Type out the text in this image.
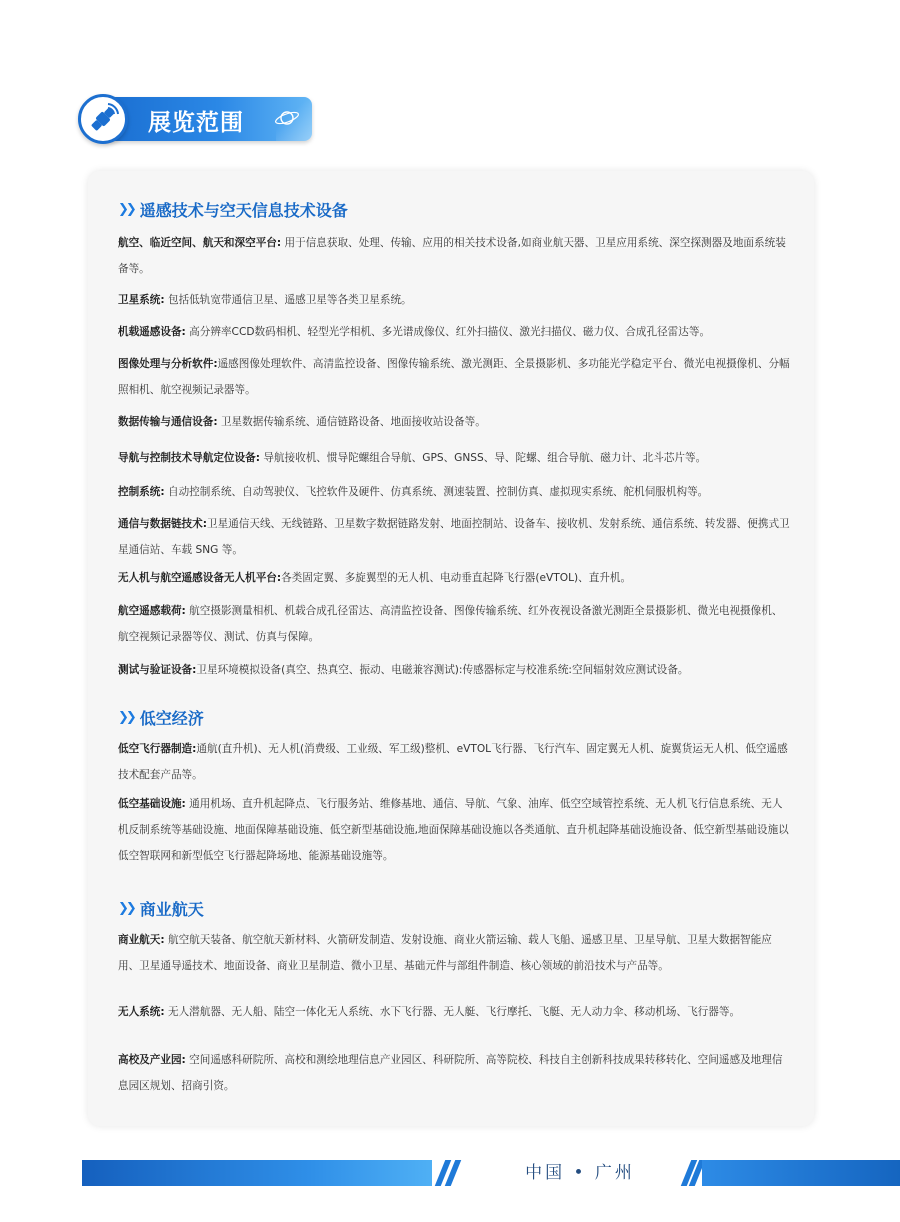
展览范围
❯❯ 遥感技术与空天信息技术设备
航空、临近空间、航天和深空平台: 用于信息获取、处理、传输、应用的相关技术设备,如商业航天器、卫星应用系统、深空探测器及地面系统装备等。
卫星系统: 包括低轨宽带通信卫星、遥感卫星等各类卫星系统。
机载遥感设备: 高分辨率CCD数码相机、轻型光学相机、多光谱成像仪、红外扫描仪、激光扫描仪、磁力仪、合成孔径雷达等。
图像处理与分析软件:遥感图像处理软件、高清监控设备、图像传输系统、激光测距、全景摄影机、多功能光学稳定平台、微光电视摄像机、分幅照相机、航空视频记录器等。
数据传输与通信设备: 卫星数据传输系统、通信链路设备、地面接收站设备等。
导航与控制技术导航定位设备: 导航接收机、惯导陀螺组合导航、GPS、GNSS、导、陀螺、组合导航、磁力计、北斗芯片等。
控制系统: 自动控制系统、自动驾驶仪、飞控软件及硬件、仿真系统、测速装置、控制仿真、虚拟现实系统、舵机伺服机构等。
通信与数据链技术:卫星通信天线、无线链路、卫星数字数据链路发射、地面控制站、设备车、接收机、发射系统、通信系统、转发器、便携式卫星通信站、车载 SNG 等。
无人机与航空遥感设备无人机平台:各类固定翼、多旋翼型的无人机、电动垂直起降飞行器(eVTOL)、直升机。
航空遥感载荷: 航空摄影测量相机、机载合成孔径雷达、高清监控设备、图像传输系统、红外夜视设备激光测距全景摄影机、微光电视摄像机、航空视频记录器等仪、测试、仿真与保障。
测试与验证设备:卫星环境模拟设备(真空、热真空、振动、电磁兼容测试):传感器标定与校准系统:空间辐射效应测试设备。
❯❯ 低空经济
低空飞行器制造:通航(直升机)、无人机(消费级、工业级、军工级)整机、eVTOL飞行器、飞行汽车、固定翼无人机、旋翼货运无人机、低空遥感技术配套产品等。
低空基础设施: 通用机场、直升机起降点、飞行服务站、维修基地、通信、导航、气象、油库、低空空域管控系统、无人机飞行信息系统、无人机反制系统等基础设施、地面保障基础设施、低空新型基础设施,地面保障基础设施以各类通航、直升机起降基础设施设备、低空新型基础设施以低空智联网和新型低空飞行器起降场地、能源基础设施等。
❯❯ 商业航天
商业航天: 航空航天装备、航空航天新材料、火箭研发制造、发射设施、商业火箭运输、载人飞船、遥感卫星、卫星导航、卫星大数据智能应用、卫星通导遥技术、地面设备、商业卫星制造、微小卫星、基础元件与部组件制造、核心领域的前沿技术与产品等。
无人系统: 无人潜航器、无人船、陆空一体化无人系统、水下飞行器、无人艇、飞行摩托、飞艇、无人动力伞、移动机场、飞行器等。
高校及产业园: 空间遥感科研院所、高校和测绘地理信息产业园区、科研院所、高等院校、科技自主创新科技成果转移转化、空间遥感及地理信息园区规划、招商引资。
中国 • 广州
